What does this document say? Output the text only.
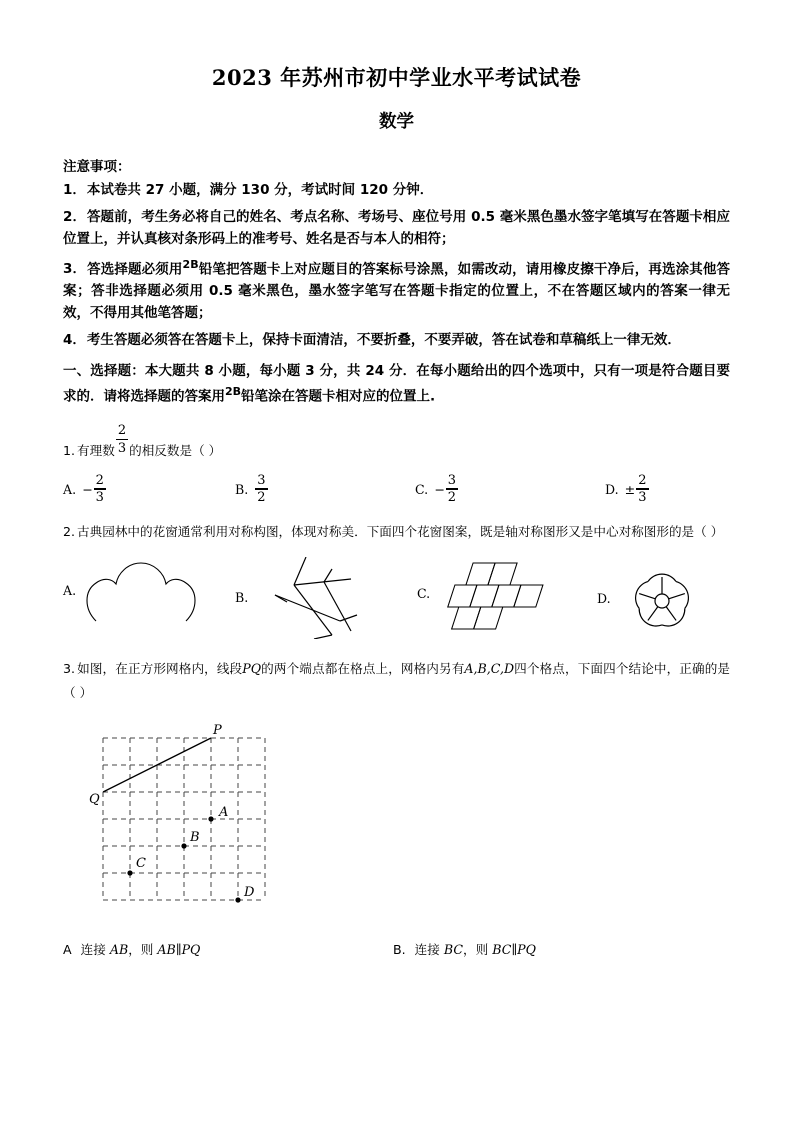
2023 年苏州市初中学业水平考试试卷
数学
注意事项：
1．本试卷共 27 小题，满分 130 分，考试时间 120 分钟．
2．答题前，考生务必将自己的姓名、考点名称、考场号、座位号用 0.5 毫米黑色墨水签字笔填写在答题卡相应位置上，并认真核对条形码上的准考号、姓名是否与本人的相符；
3．答选择题必须用$^{2B}$铅笔把答题卡上对应题目的答案标号涂黑，如需改动，请用橡皮擦干净后，再选涂其他答案；答非选择题必须用 0.5 毫米黑色，墨水签字笔写在答题卡指定的位置上，不在答题区域内的答案一律无效，不得用其他笔答题；
4．考生答题必须答在答题卡上，保持卡面清洁，不要折叠，不要弄破，答在试卷和草稿纸上一律无效．
一、选择题：本大题共 8 小题，每小题 3 分，共 24 分．在每小题给出的四个选项中，只有一项是符合题目要求的．请将选择题的答案用$^{2B}$铅笔涂在答题卡相对应的位置上.
1. 有理数 $\frac{2}{3}$ 的相反数是（ ）
A. − $\frac{2}{3}$	B. $\frac{3}{2}$	C. − $\frac{3}{2}$	D. ± $\frac{2}{3}$
2. 古典园林中的花窗通常利用对称构图，体现对称美．下面四个花窗图案，既是轴对称图形又是中心对称图形的是（ ）
A.	B.	C.	D.
3. 如图，在正方形网格内，线段PQ的两个端点都在格点上，网格内另有A,B,C,D四个格点，下面四个结论中，正确的是（ ）
P
Q
A
B
C
D
A 连接 AB，则 AB∥PQ	B. 连接 BC，则 BC∥PQ
